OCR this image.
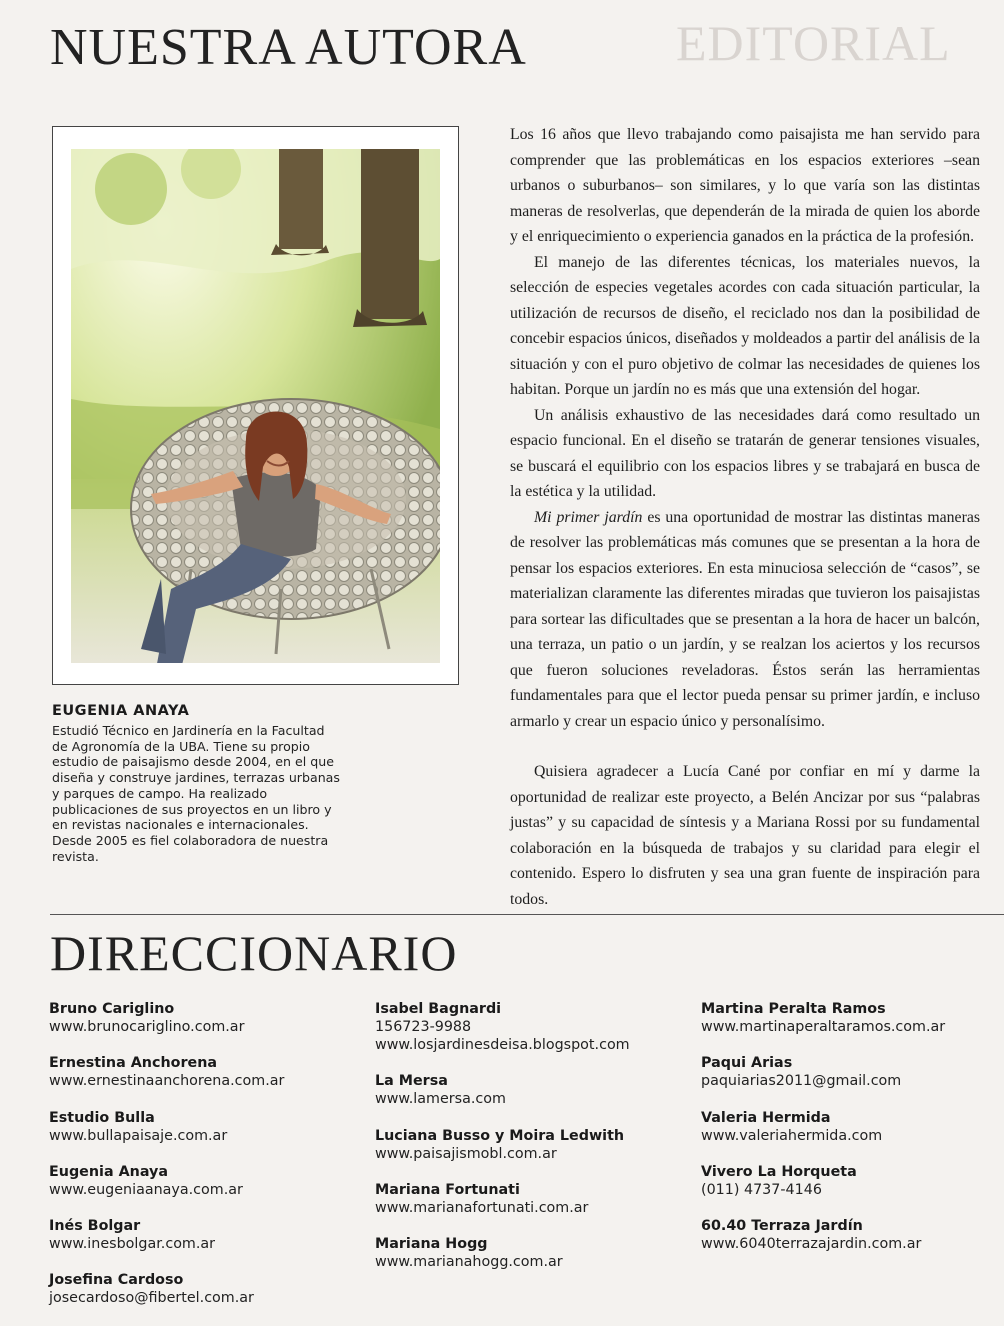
EDITORIAL
NUESTRA AUTORA
EUGENIA ANAYA

Estudió Técnico en Jardinería en la Facultad de Agronomía de la UBA. Tiene su propio estudio de paisajismo desde 2004, en el que diseña y construye jardines, terrazas urbanas y parques de campo. Ha realizado publicaciones de sus proyectos en un libro y en revistas nacionales e internacionales. Desde 2005 es fiel colaboradora de nuestra revista.

Los 16 años que llevo trabajando como paisajista me han servido para comprender que las problemáticas en los espacios exteriores –sean urbanos o suburbanos– son similares, y lo que varía son las distintas maneras de resolverlas, que dependerán de la mirada de quien los aborde y el enriquecimiento o experiencia ganados en la práctica de la profesión.

El manejo de las diferentes técnicas, los materiales nuevos, la selección de especies vegetales acordes con cada situación particular, la utilización de recursos de diseño, el reciclado nos dan la posibilidad de concebir espacios únicos, diseñados y moldeados a partir del análisis de la situación y con el puro objetivo de colmar las necesidades de quienes los habitan. Porque un jardín no es más que una extensión del hogar.

Un análisis exhaustivo de las necesidades dará como resultado un espacio funcional. En el diseño se tratarán de generar tensiones visuales, se buscará el equilibrio con los espacios libres y se trabajará en busca de la estética y la utilidad.

Mi primer jardín es una oportunidad de mostrar las distintas maneras de resolver las problemáticas más comunes que se presentan a la hora de pensar los espacios exteriores. En esta minuciosa selección de “casos”, se materializan claramente las diferentes miradas que tuvieron los paisajistas para sortear las dificultades que se presentan a la hora de hacer un balcón, una terraza, un patio o un jardín, y se realzan los aciertos y los recursos que fueron soluciones reveladoras. Éstos serán las herramientas fundamentales para que el lector pueda pensar su primer jardín, e incluso armarlo y crear un espacio único y personalísimo.

Quisiera agradecer a Lucía Cané por confiar en mí y darme la oportunidad de realizar este proyecto, a Belén Ancizar por sus “palabras justas” y su capacidad de síntesis y a Mariana Rossi por su fundamental colaboración en la búsqueda de trabajos y su claridad para elegir el contenido. Espero lo disfruten y sea una gran fuente de inspiración para todos.

DIRECCIONARIO
Bruno Cariglino
www.brunocariglino.com.ar
Ernestina Anchorena
www.ernestinaanchorena.com.ar
Estudio Bulla
www.bullapaisaje.com.ar
Eugenia Anaya
www.eugeniaanaya.com.ar
Inés Bolgar
www.inesbolgar.com.ar
Josefina Cardoso
josecardoso@fibertel.com.ar
Isabel Bagnardi
156723-9988
www.losjardinesdeisa.blogspot.com
La Mersa
www.lamersa.com
Luciana Busso y Moira Ledwith
www.paisajismobl.com.ar
Mariana Fortunati
www.marianafortunati.com.ar
Mariana Hogg
www.marianahogg.com.ar
Martina Peralta Ramos
www.martinaperaltaramos.com.ar
Paqui Arias
paquiarias2011@gmail.com
Valeria Hermida
www.valeriahermida.com
Vivero La Horqueta
(011) 4737-4146
60.40 Terraza Jardín
www.6040terrazajardin.com.ar
